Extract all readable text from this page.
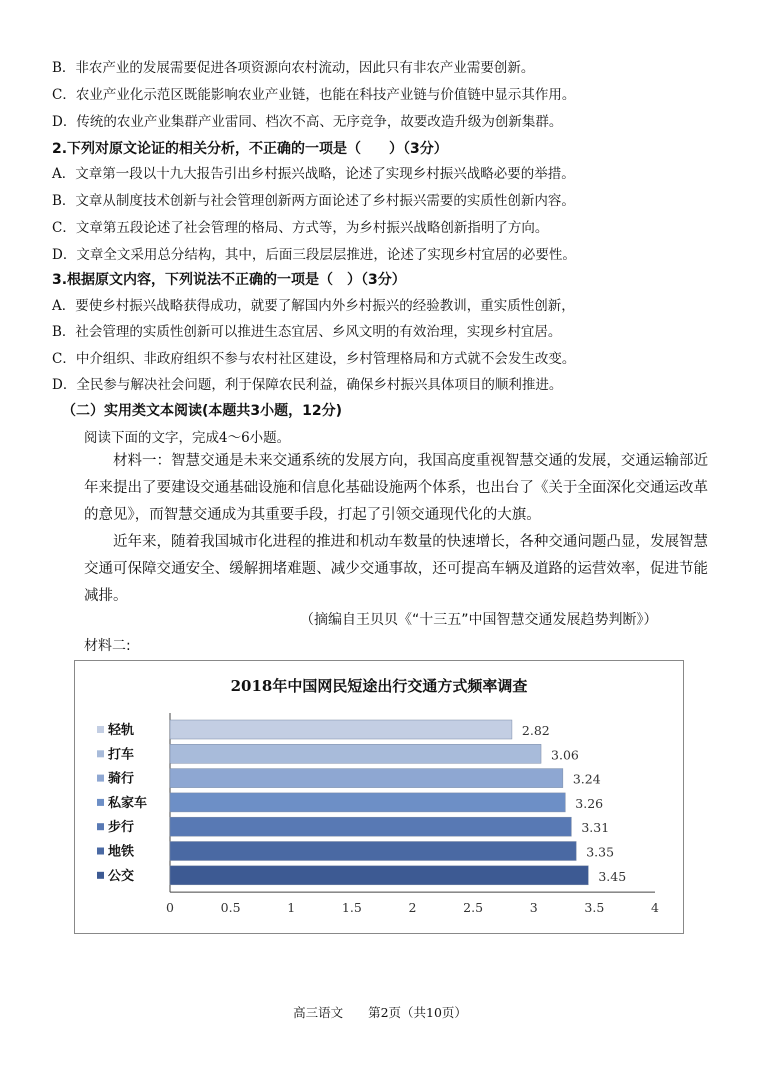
B．非农产业的发展需要促进各项资源向农村流动，因此只有非农产业需要创新。
C．农业产业化示范区既能影响农业产业链，也能在科技产业链与价值链中显示其作用。
D．传统的农业产业集群产业雷同、档次不高、无序竞争，故要改造升级为创新集群。
2.下列对原文论证的相关分析，不正确的一项是（　　）（3分）
A．文章第一段以十九大报告引出乡村振兴战略，论述了实现乡村振兴战略必要的举措。
B．文章从制度技术创新与社会管理创新两方面论述了乡村振兴需要的实质性创新内容。
C．文章第五段论述了社会管理的格局、方式等，为乡村振兴战略创新指明了方向。
D．文章全文采用总分结构，其中，后面三段层层推进，论述了实现乡村宜居的必要性。
3.根据原文内容，下列说法不正确的一项是（　）（3分）
A．要使乡村振兴战略获得成功，就要了解国内外乡村振兴的经验教训，重实质性创新，
B．社会管理的实质性创新可以推进生态宜居、乡风文明的有效治理，实现乡村宜居。
C．中介组织、非政府组织不参与农村社区建设，乡村管理格局和方式就不会发生改变。
D．全民参与解决社会问题，利于保障农民利益，确保乡村振兴具体项目的顺利推进。
（二）实用类文本阅读(本题共3小题，12分)
阅读下面的文字，完成4～6小题。

材料一：智慧交通是未来交通系统的发展方向，我国高度重视智慧交通的发展，交通运输部近年来提出了要建设交通基础设施和信息化基础设施两个体系，也出台了《关于全面深化交通运改革的意见》，而智慧交通成为其重要手段，打起了引领交通现代化的大旗。

近年来，随着我国城市化进程的推进和机动车数量的快速增长，各种交通问题凸显，发展智慧交通可保障交通安全、缓解拥堵难题、减少交通事故，还可提高车辆及道路的运营效率，促进节能减排。

（摘编自王贝贝《“十三五”中国智慧交通发展趋势判断》）
材料二:
2018年中国网民短途出行交通方式频率调查
轻轨	2.82
打车	3.06
骑行	3.24
私家车	3.26
步行	3.31
地铁	3.35
公交	3.45
0	0.5	1	1.5	2	2.5	3	3.5	4
高三语文　　第2页（共10页）
